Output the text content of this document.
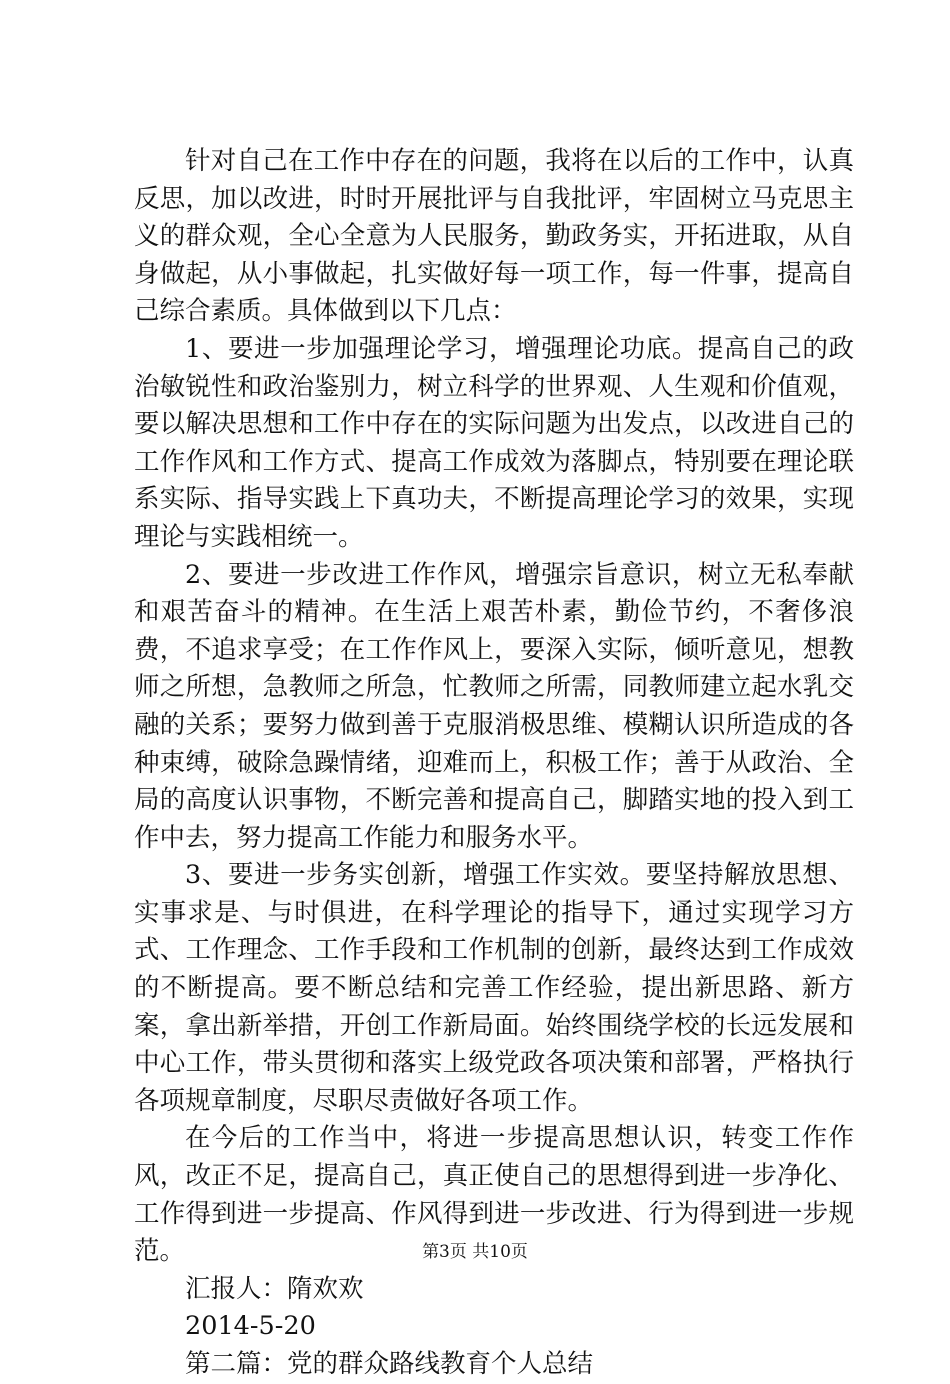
针对自己在工作中存在的问题，我将在以后的工作中，认真反思，加以改进，时时开展批评与自我批评，牢固树立马克思主义的群众观，全心全意为人民服务，勤政务实，开拓进取，从自身做起，从小事做起，扎实做好每一项工作，每一件事，提高自己综合素质。具体做到以下几点：

1、要进一步加强理论学习，增强理论功底。提高自己的政治敏锐性和政治鉴别力，树立科学的世界观、人生观和价值观，要以解决思想和工作中存在的实际问题为出发点，以改进自己的工作作风和工作方式、提高工作成效为落脚点，特别要在理论联系实际、指导实践上下真功夫，不断提高理论学习的效果，实现理论与实践相统一。

2、要进一步改进工作作风，增强宗旨意识，树立无私奉献和艰苦奋斗的精神。在生活上艰苦朴素，勤俭节约，不奢侈浪费，不追求享受；在工作作风上，要深入实际，倾听意见，想教师之所想，急教师之所急，忙教师之所需，同教师建立起水乳交融的关系；要努力做到善于克服消极思维、模糊认识所造成的各种束缚，破除急躁情绪，迎难而上，积极工作；善于从政治、全局的高度认识事物，不断完善和提高自己，脚踏实地的投入到工作中去，努力提高工作能力和服务水平。

3、要进一步务实创新，增强工作实效。要坚持解放思想、实事求是、与时俱进，在科学理论的指导下，通过实现学习方式、工作理念、工作手段和工作机制的创新，最终达到工作成效的不断提高。要不断总结和完善工作经验，提出新思路、新方案，拿出新举措，开创工作新局面。始终围绕学校的长远发展和中心工作，带头贯彻和落实上级党政各项决策和部署，严格执行各项规章制度，尽职尽责做好各项工作。

在今后的工作当中，将进一步提高思想认识，转变工作作风，改正不足，提高自己，真正使自己的思想得到进一步净化、工作得到进一步提高、作风得到进一步改进、行为得到进一步规范。

汇报人：隋欢欢

2014-5-20

第二篇：党的群众路线教育个人总结

第3页 共10页
